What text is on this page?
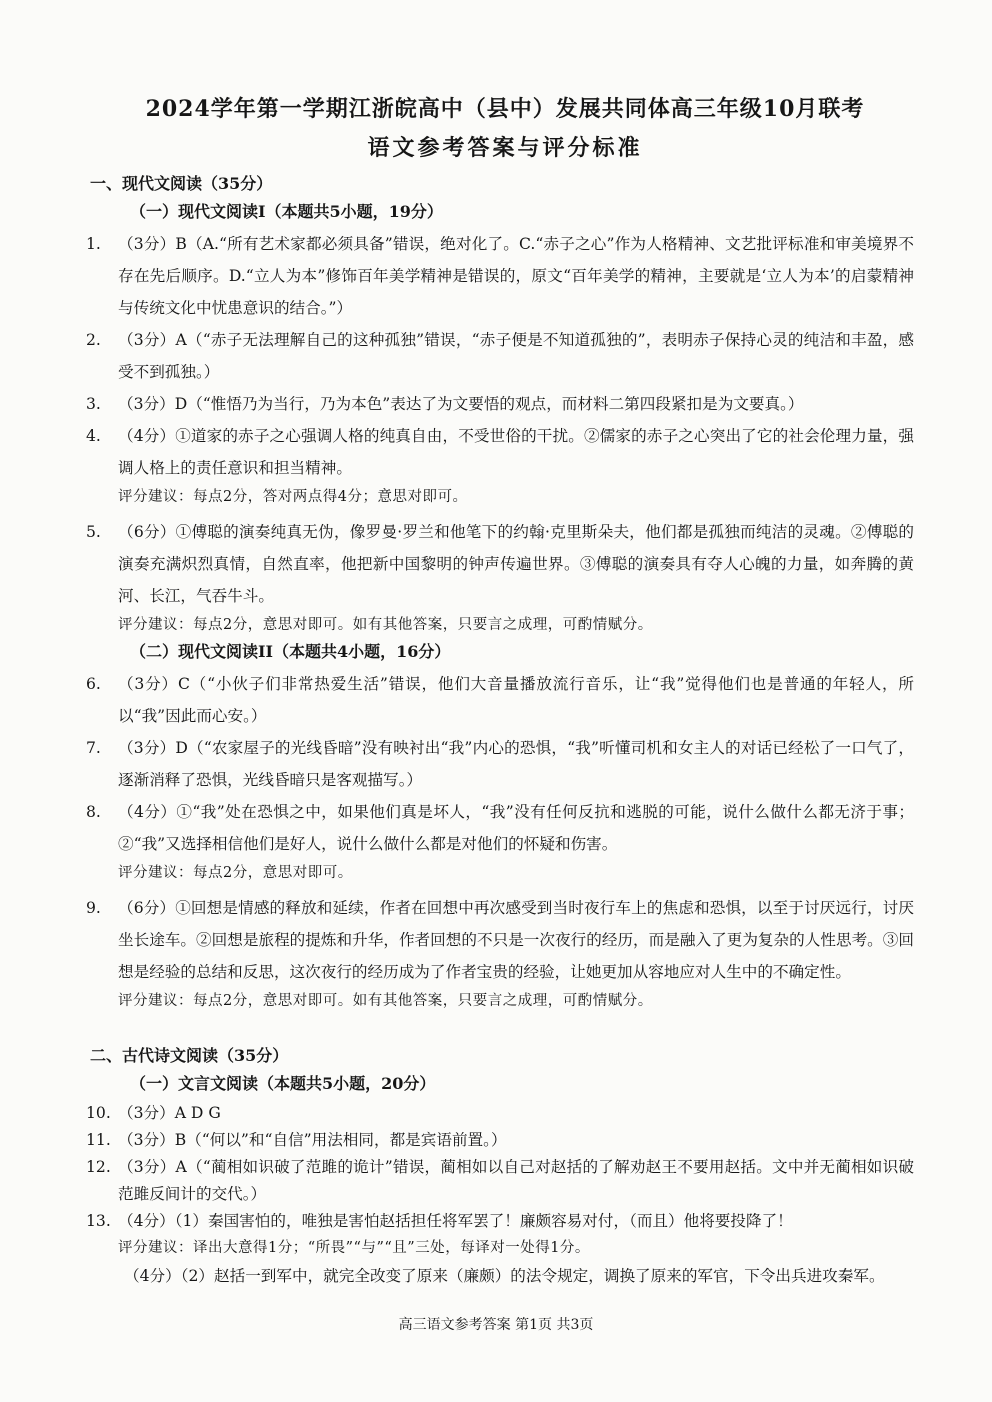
2024学年第一学期江浙皖高中（县中）发展共同体高三年级10月联考
语文参考答案与评分标准
一、现代文阅读（35分）
（一）现代文阅读I（本题共5小题，19分）

1. （3分）B（A.“所有艺术家都必须具备”错误，绝对化了。C.“赤子之心”作为人格精神、文艺批评标准和审美境界不存在先后顺序。D.“立人为本”修饰百年美学精神是错误的，原文“百年美学的精神，主要就是‘立人为本’的启蒙精神与传统文化中忧患意识的结合。”）

2. （3分）A（“赤子无法理解自己的这种孤独”错误，“赤子便是不知道孤独的”，表明赤子保持心灵的纯洁和丰盈，感受不到孤独。）

3. （3分）D（“惟悟乃为当行，乃为本色”表达了为文要悟的观点，而材料二第四段紧扣是为文要真。）

4. （4分）①道家的赤子之心强调人格的纯真自由，不受世俗的干扰。②儒家的赤子之心突出了它的社会伦理力量，强调人格上的责任意识和担当精神。

评分建议：每点2分，答对两点得4分；意思对即可。

5. （6分）①傅聪的演奏纯真无伪，像罗曼·罗兰和他笔下的约翰·克里斯朵夫，他们都是孤独而纯洁的灵魂。②傅聪的演奏充满炽烈真情，自然直率，他把新中国黎明的钟声传遍世界。③傅聪的演奏具有夺人心魄的力量，如奔腾的黄河、长江，气吞牛斗。

评分建议：每点2分，意思对即可。如有其他答案，只要言之成理，可酌情赋分。
（二）现代文阅读II（本题共4小题，16分）

6. （3分）C（“小伙子们非常热爱生活”错误，他们大音量播放流行音乐，让“我”觉得他们也是普通的年轻人，所以“我”因此而心安。）

7. （3分）D（“农家屋子的光线昏暗”没有映衬出“我”内心的恐惧，“我”听懂司机和女主人的对话已经松了一口气了，逐渐消释了恐惧，光线昏暗只是客观描写。）

8. （4分）①“我”处在恐惧之中，如果他们真是坏人，“我”没有任何反抗和逃脱的可能，说什么做什么都无济于事；②“我”又选择相信他们是好人，说什么做什么都是对他们的怀疑和伤害。

评分建议：每点2分，意思对即可。

9. （6分）①回想是情感的释放和延续，作者在回想中再次感受到当时夜行车上的焦虑和恐惧，以至于讨厌远行，讨厌坐长途车。②回想是旅程的提炼和升华，作者回想的不只是一次夜行的经历，而是融入了更为复杂的人性思考。③回想是经验的总结和反思，这次夜行的经历成为了作者宝贵的经验，让她更加从容地应对人生中的不确定性。

评分建议：每点2分，意思对即可。如有其他答案，只要言之成理，可酌情赋分。
二、古代诗文阅读（35分）
（一）文言文阅读（本题共5小题，20分）

10. （3分）A D G

11. （3分）B（“何以”和“自信”用法相同，都是宾语前置。）

12. （3分）A（“蔺相如识破了范雎的诡计”错误，蔺相如以自己对赵括的了解劝赵王不要用赵括。文中并无蔺相如识破范雎反间计的交代。）

13. （4分）（1）秦国害怕的，唯独是害怕赵括担任将军罢了！廉颇容易对付，（而且）他将要投降了！

评分建议：译出大意得1分；“所畏”“与”“且”三处，每译对一处得1分。
（4分）（2）赵括一到军中，就完全改变了原来（廉颇）的法令规定，调换了原来的军官，下令出兵进攻秦军。
高三语文参考答案 第1页 共3页
